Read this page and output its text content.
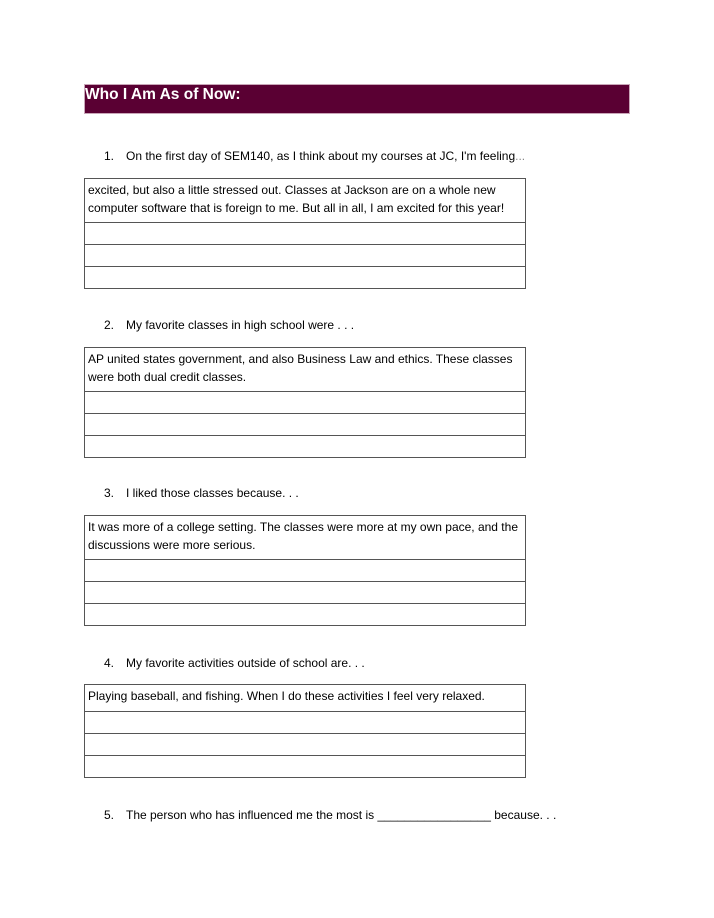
Who I Am As of Now:
1. On the first day of SEM140, as I think about my courses at JC, I'm feeling...
excited, but also a little stressed out. Classes at Jackson are on a whole new computer software that is foreign to me. But all in all, I am excited for this year!

2. My favorite classes in high school were . . .
AP united states government, and also Business Law and ethics. These classes were both dual credit classes.

3. I liked those classes because. . .
It was more of a college setting. The classes were more at my own pace, and the discussions were more serious.

4. My favorite activities outside of school are. . .
Playing baseball, and fishing. When I do these activities I feel very relaxed.

5. The person who has influenced me the most is _________________ because. . .
